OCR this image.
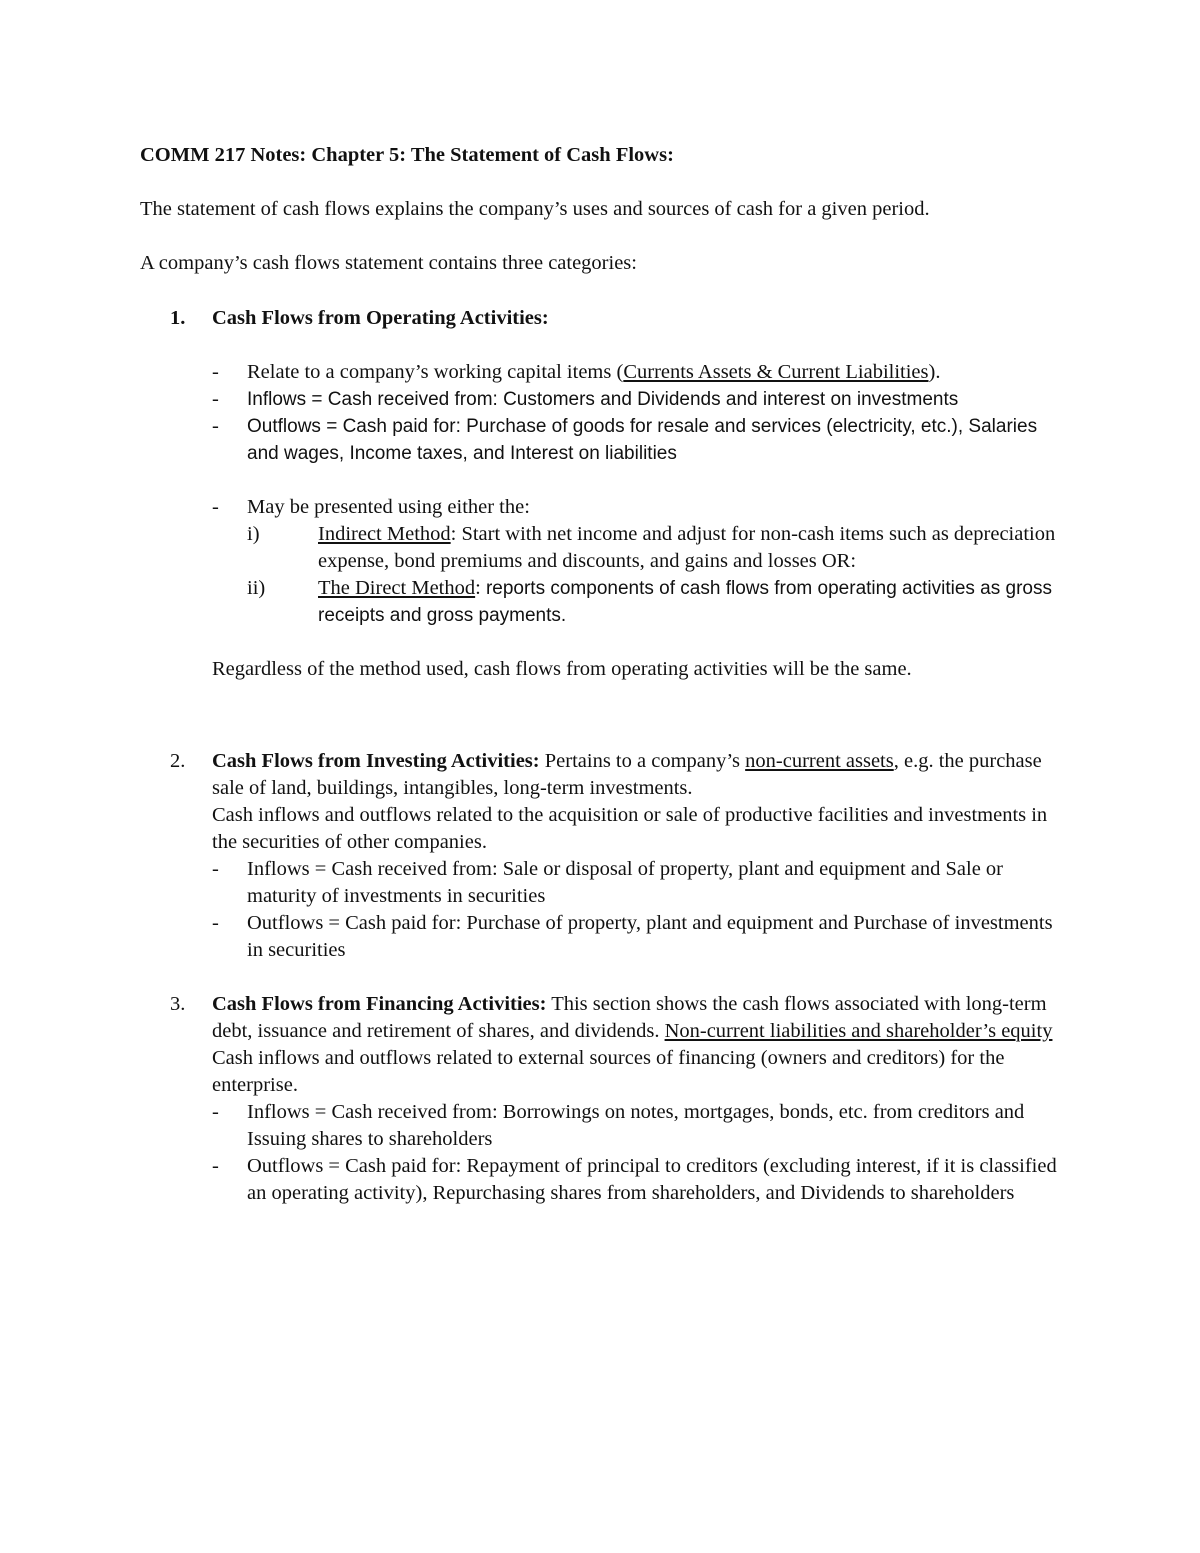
COMM 217 Notes: Chapter 5: The Statement of Cash Flows:

The statement of cash flows explains the company’s uses and sources of cash for a given period.

A company’s cash flows statement contains three categories:

1. Cash Flows from Operating Activities:
- Relate to a company’s working capital items (Currents Assets & Current Liabilities).
- Inflows = Cash received from: Customers and Dividends and interest on investments
- Outflows = Cash paid for: Purchase of goods for resale and services (electricity, etc.), Salaries and wages, Income taxes, and Interest on liabilities
- May be presented using either the:
i)	Indirect Method: Start with net income and adjust for non-cash items such as depreciation expense, bond premiums and discounts, and gains and losses OR:
ii)	The Direct Method: reports components of cash flows from operating activities as gross receipts and gross payments.
Regardless of the method used, cash flows from operating activities will be the same.
2. Cash Flows from Investing Activities: Pertains to a company’s non-current assets, e.g. the purchase sale of land, buildings, intangibles, long-term investments.
Cash inflows and outflows related to the acquisition or sale of productive facilities and investments in the securities of other companies.
- Inflows = Cash received from: Sale or disposal of property, plant and equipment and Sale or maturity of investments in securities
- Outflows = Cash paid for: Purchase of property, plant and equipment and Purchase of investments in securities
3. Cash Flows from Financing Activities: This section shows the cash flows associated with long-term debt, issuance and retirement of shares, and dividends. Non-current liabilities and shareholder’s equity
Cash inflows and outflows related to external sources of financing (owners and creditors) for the enterprise.
- Inflows = Cash received from: Borrowings on notes, mortgages, bonds, etc. from creditors and Issuing shares to shareholders
- Outflows = Cash paid for: Repayment of principal to creditors (excluding interest, if it is classified an operating activity), Repurchasing shares from shareholders, and Dividends to shareholders
